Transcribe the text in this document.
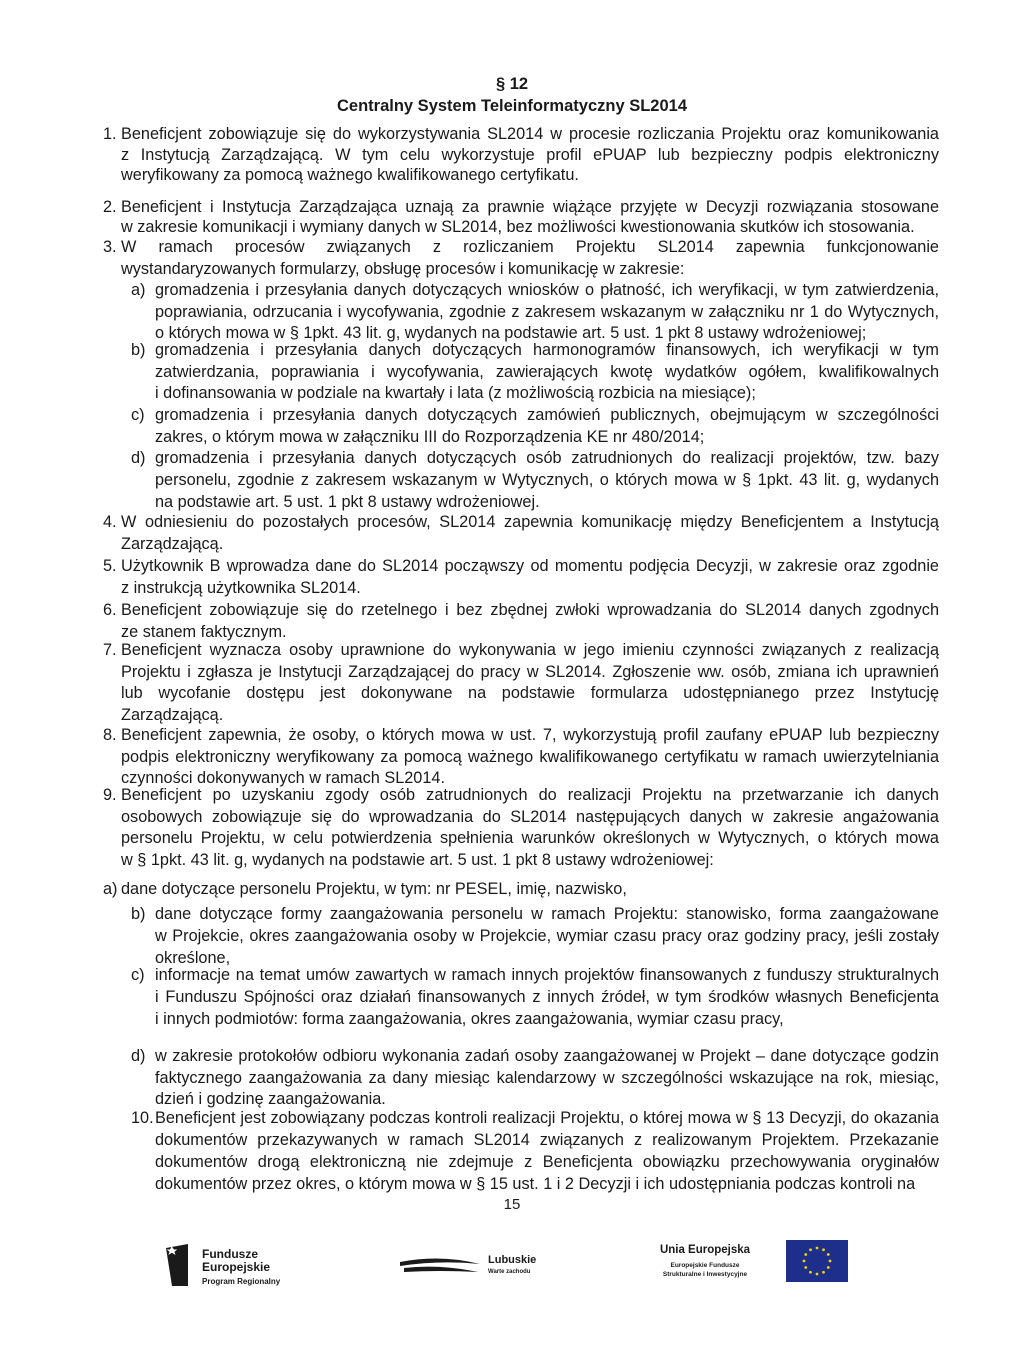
§ 12
Centralny System Teleinformatyczny SL2014
1. Beneficjent zobowiązuje się do wykorzystywania SL2014 w procesie rozliczania Projektu oraz komunikowania
z Instytucją Zarządzającą. W tym celu wykorzystuje profil ePUAP lub bezpieczny podpis elektroniczny
weryfikowany za pomocą ważnego kwalifikowanego certyfikatu.
2. Beneficjent i Instytucja Zarządzająca uznają za prawnie wiążące przyjęte w Decyzji rozwiązania stosowane
w zakresie komunikacji i wymiany danych w SL2014, bez możliwości kwestionowania skutków ich stosowania.
3. W ramach procesów związanych z rozliczaniem Projektu SL2014 zapewnia funkcjonowanie
wystandaryzowanych formularzy, obsługę procesów i komunikację w zakresie:
a) gromadzenia i przesyłania danych dotyczących wniosków o płatność, ich weryfikacji, w tym zatwierdzenia,
poprawiania, odrzucania i wycofywania, zgodnie z zakresem wskazanym w załączniku nr 1 do Wytycznych,
o których mowa w § 1pkt. 43 lit. g, wydanych na podstawie art. 5 ust. 1 pkt 8 ustawy wdrożeniowej;
b) gromadzenia i przesyłania danych dotyczących harmonogramów finansowych, ich weryfikacji w tym
zatwierdzania, poprawiania i wycofywania, zawierających kwotę wydatków ogółem, kwalifikowalnych
i dofinansowania w podziale na kwartały i lata (z możliwością rozbicia na miesiące);
c) gromadzenia i przesyłania danych dotyczących zamówień publicznych, obejmującym w szczególności
zakres, o którym mowa w załączniku III do Rozporządzenia KE nr 480/2014;
d) gromadzenia i przesyłania danych dotyczących osób zatrudnionych do realizacji projektów, tzw. bazy
personelu, zgodnie z zakresem wskazanym w Wytycznych, o których mowa w § 1pkt. 43 lit. g, wydanych
na podstawie art. 5 ust. 1 pkt 8 ustawy wdrożeniowej.
4. W odniesieniu do pozostałych procesów, SL2014 zapewnia komunikację między Beneficjentem a Instytucją
Zarządzającą.
5. Użytkownik B wprowadza dane do SL2014 począwszy od momentu podjęcia Decyzji, w zakresie oraz zgodnie
z instrukcją użytkownika SL2014.
6. Beneficjent zobowiązuje się do rzetelnego i bez zbędnej zwłoki wprowadzania do SL2014 danych zgodnych
ze stanem faktycznym.
7. Beneficjent wyznacza osoby uprawnione do wykonywania w jego imieniu czynności związanych z realizacją
Projektu i zgłasza je Instytucji Zarządzającej do pracy w SL2014. Zgłoszenie ww. osób, zmiana ich uprawnień
lub wycofanie dostępu jest dokonywane na podstawie formularza udostępnianego przez Instytucję
Zarządzającą.
8. Beneficjent zapewnia, że osoby, o których mowa w ust. 7, wykorzystują profil zaufany ePUAP lub bezpieczny
podpis elektroniczny weryfikowany za pomocą ważnego kwalifikowanego certyfikatu w ramach uwierzytelniania
czynności dokonywanych w ramach SL2014.
9. Beneficjent po uzyskaniu zgody osób zatrudnionych do realizacji Projektu na przetwarzanie ich danych
osobowych zobowiązuje się do wprowadzania do SL2014 następujących danych w zakresie angażowania
personelu Projektu, w celu potwierdzenia spełnienia warunków określonych w Wytycznych, o których mowa
w § 1pkt. 43 lit. g, wydanych na podstawie art. 5 ust. 1 pkt 8 ustawy wdrożeniowej:
a) dane dotyczące personelu Projektu, w tym: nr PESEL, imię, nazwisko,
b) dane dotyczące formy zaangażowania personelu w ramach Projektu: stanowisko, forma zaangażowane
w Projekcie, okres zaangażowania osoby w Projekcie, wymiar czasu pracy oraz godziny pracy, jeśli zostały
określone,
c) informacje na temat umów zawartych w ramach innych projektów finansowanych z funduszy strukturalnych
i Funduszu Spójności oraz działań finansowanych z innych źródeł, w tym środków własnych Beneficjenta
i innych podmiotów: forma zaangażowania, okres zaangażowania, wymiar czasu pracy,
d) w zakresie protokołów odbioru wykonania zadań osoby zaangażowanej w Projekt – dane dotyczące godzin
faktycznego zaangażowania za dany miesiąc kalendarzowy w szczególności wskazujące na rok, miesiąc,
dzień i godzinę zaangażowania.
10. Beneficjent jest zobowiązany podczas kontroli realizacji Projektu, o której mowa w § 13 Decyzji, do okazania
dokumentów przekazywanych w ramach SL2014 związanych z realizowanym Projektem. Przekazanie
dokumentów drogą elektroniczną nie zdejmuje z Beneficjenta obowiązku przechowywania oryginałów
dokumentów przez okres, o którym mowa w § 15 ust. 1 i 2 Decyzji i ich udostępniania podczas kontroli na
15
Fundusze
Europejskie
Program Regionalny
Lubuskie
Warte zachodu
Unia Europejska
Europejskie Fundusze
Strukturalne i Inwestycyjne
